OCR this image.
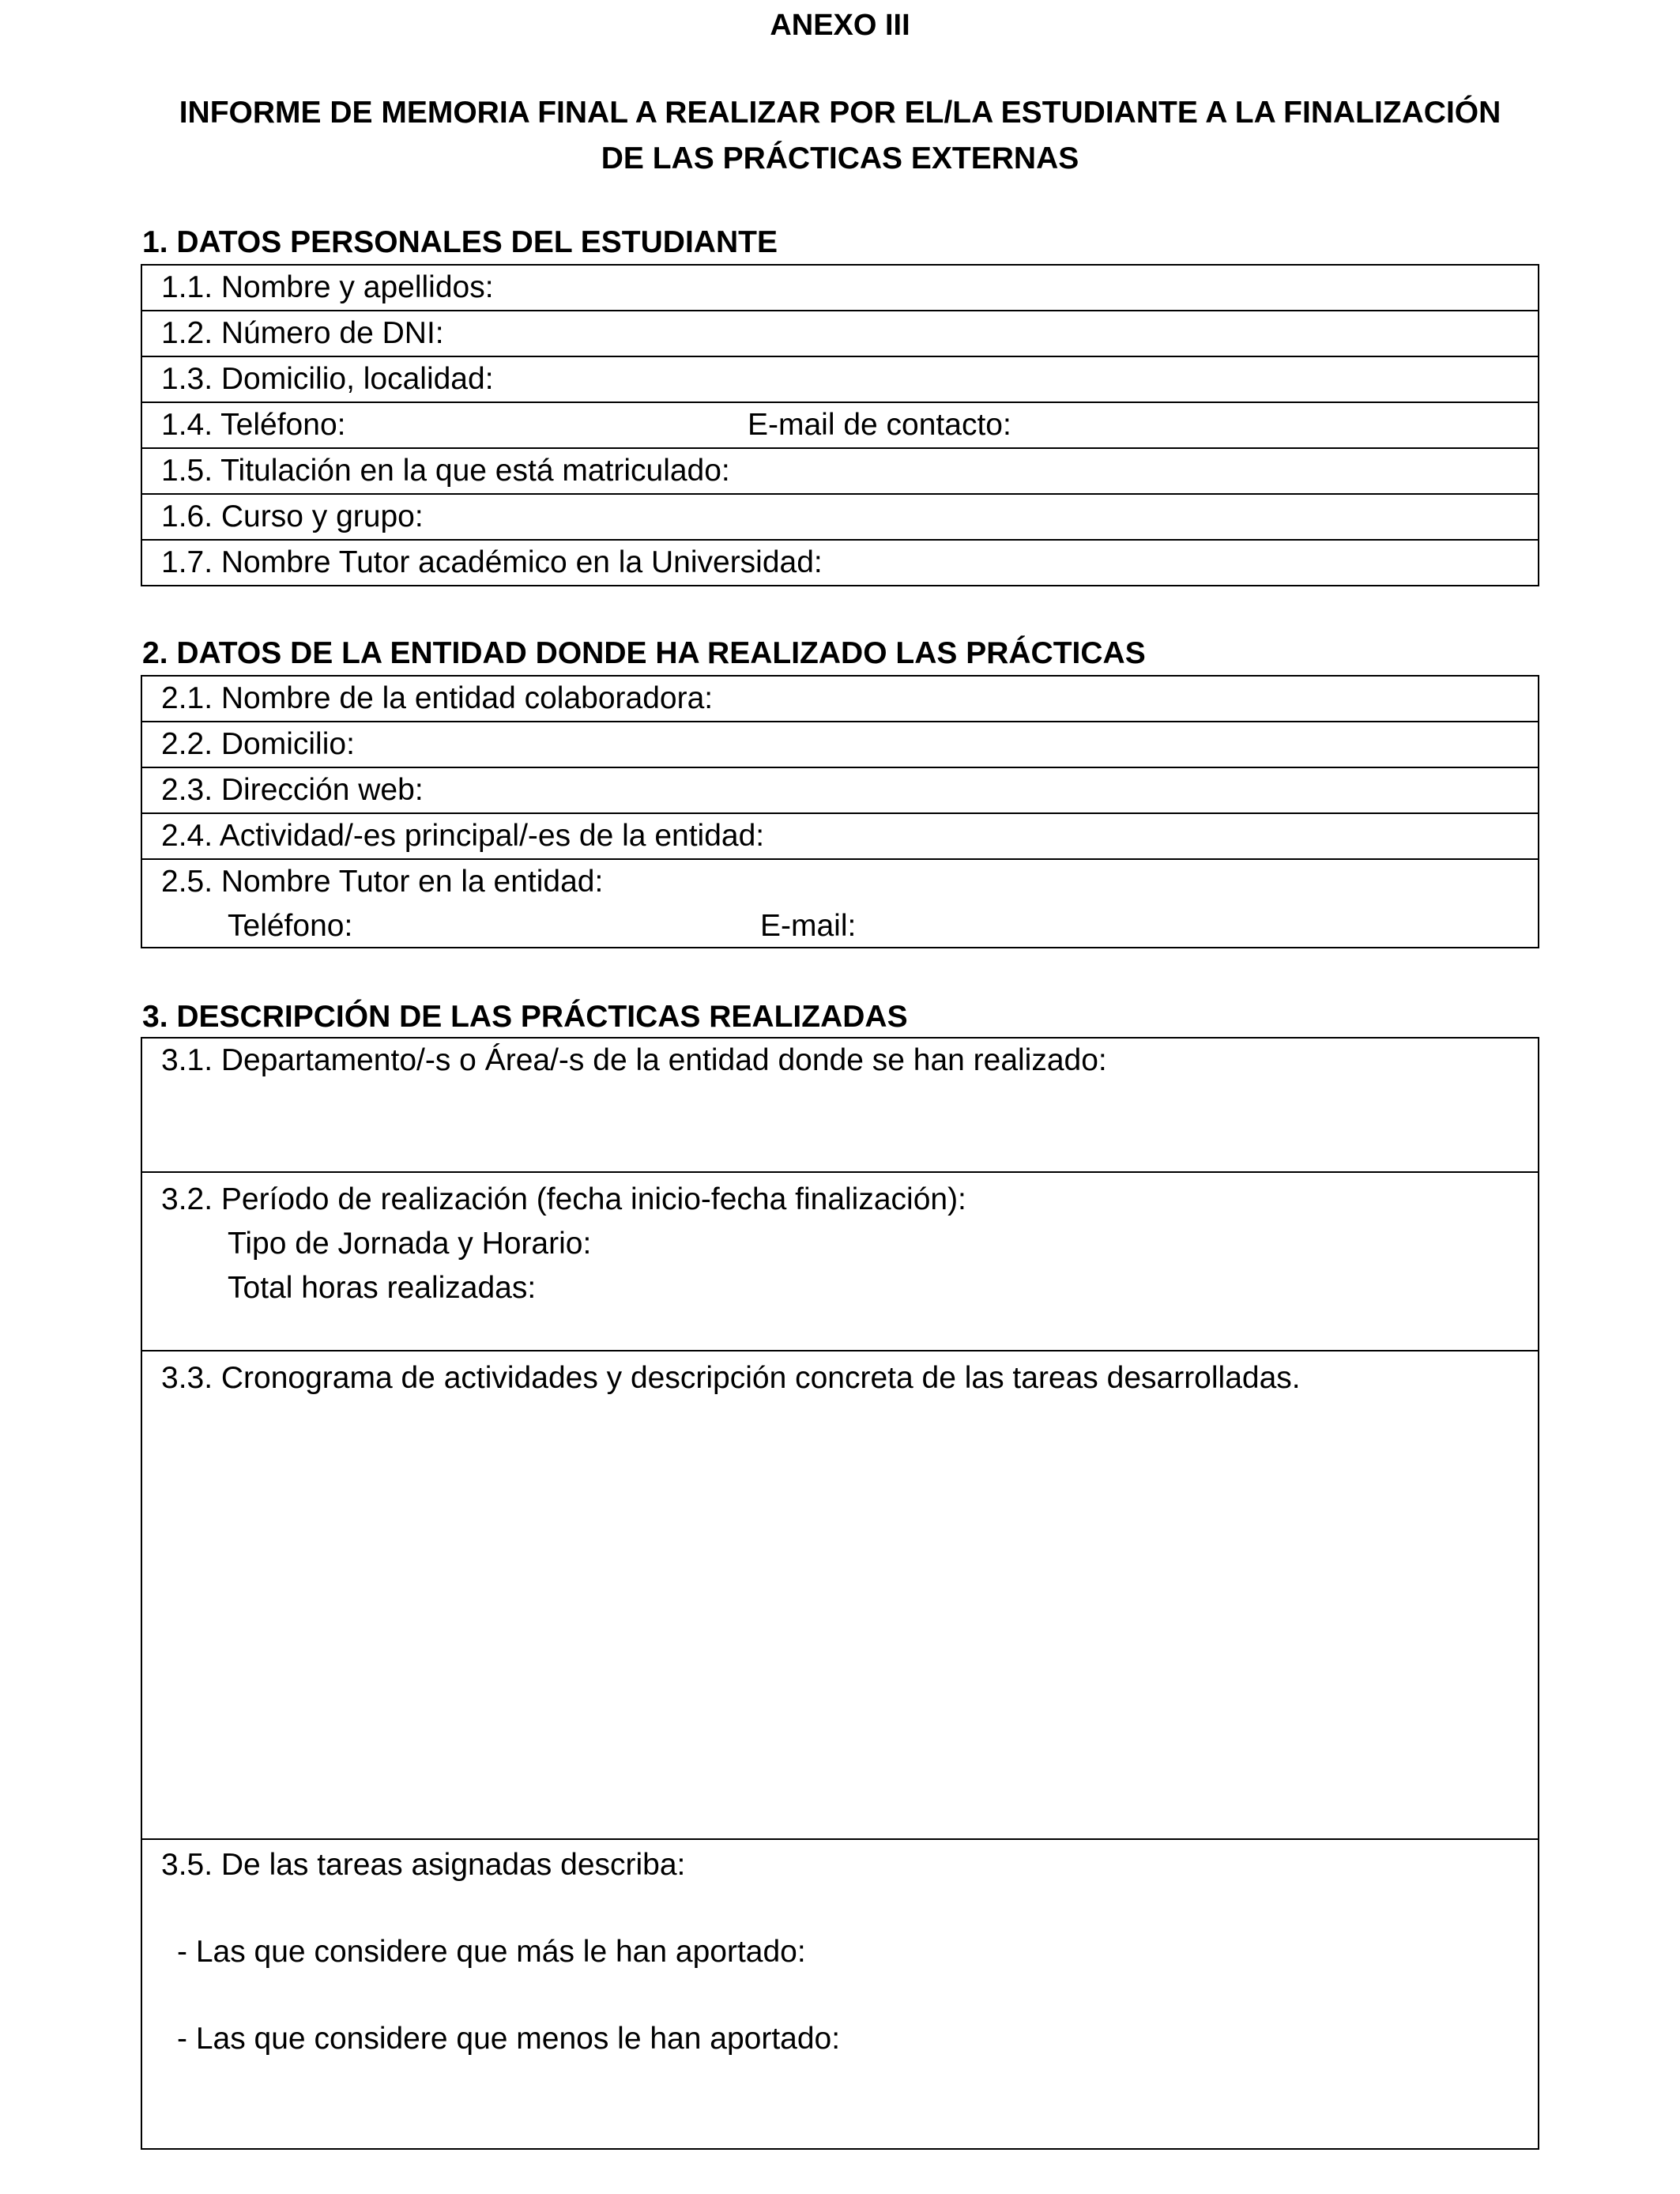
ANEXO III
INFORME DE MEMORIA FINAL A REALIZAR POR EL/LA ESTUDIANTE A LA FINALIZACIÓN
DE LAS PRÁCTICAS EXTERNAS
1. DATOS PERSONALES DEL ESTUDIANTE
1.1. Nombre y apellidos:
1.2. Número de DNI:
1.3. Domicilio, localidad:
1.4. Teléfono:	E-mail de contacto:
1.5. Titulación en la que está matriculado:
1.6. Curso y grupo:
1.7. Nombre Tutor académico en la Universidad:
2. DATOS DE LA ENTIDAD DONDE HA REALIZADO LAS PRÁCTICAS
2.1. Nombre de la entidad colaboradora:
2.2. Domicilio:
2.3. Dirección web:
2.4. Actividad/-es principal/-es de la entidad:
2.5. Nombre Tutor en la entidad:
Teléfono:	E-mail:
3. DESCRIPCIÓN DE LAS PRÁCTICAS REALIZADAS
3.1. Departamento/-s o Área/-s de la entidad donde se han realizado:
3.2. Período de realización (fecha inicio-fecha finalización):
Tipo de Jornada y Horario:
Total horas realizadas:
3.3. Cronograma de actividades y descripción concreta de las tareas desarrolladas.
3.5. De las tareas asignadas describa:
- Las que considere que más le han aportado:
- Las que considere que menos le han aportado:
